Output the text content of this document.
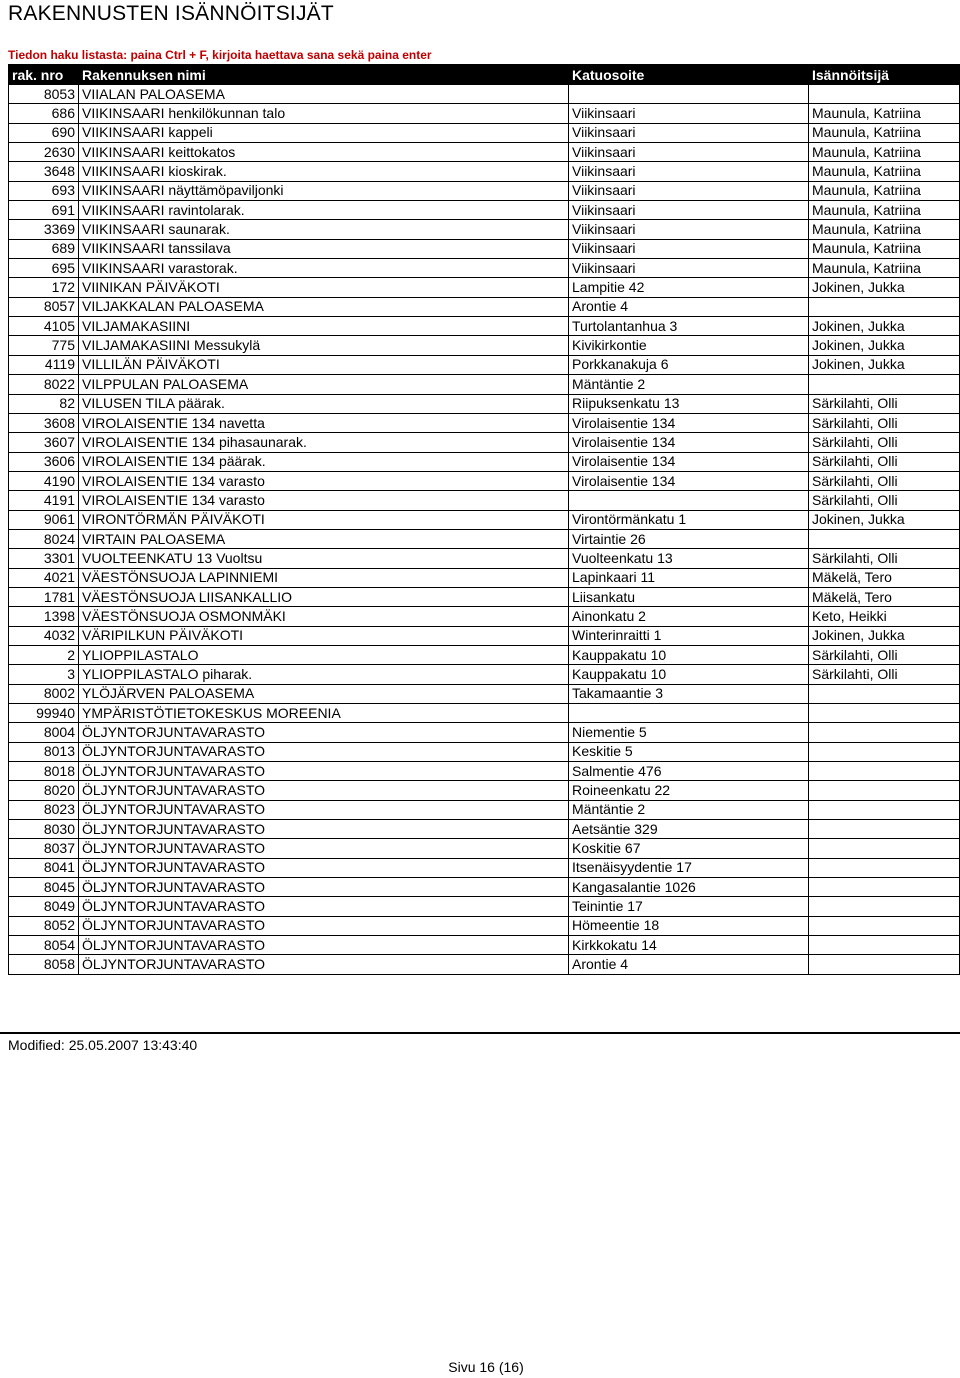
RAKENNUSTEN ISÄNNÖITSIJÄT
Tiedon haku listasta: paina Ctrl + F, kirjoita haettava sana sekä paina enter
rak. nro	Rakennuksen nimi	Katuosoite	Isännöitsijä
8053	VIIALAN PALOASEMA		
686	VIIKINSAARI henkilökunnan talo	Viikinsaari	Maunula, Katriina
690	VIIKINSAARI kappeli	Viikinsaari	Maunula, Katriina
2630	VIIKINSAARI keittokatos	Viikinsaari	Maunula, Katriina
3648	VIIKINSAARI kioskirak.	Viikinsaari	Maunula, Katriina
693	VIIKINSAARI näyttämöpaviljonki	Viikinsaari	Maunula, Katriina
691	VIIKINSAARI ravintolarak.	Viikinsaari	Maunula, Katriina
3369	VIIKINSAARI saunarak.	Viikinsaari	Maunula, Katriina
689	VIIKINSAARI tanssilava	Viikinsaari	Maunula, Katriina
695	VIIKINSAARI varastorak.	Viikinsaari	Maunula, Katriina
172	VIINIKAN PÄIVÄKOTI	Lampitie 42	Jokinen, Jukka
8057	VILJAKKALAN PALOASEMA	Arontie 4	
4105	VILJAMAKASIINI	Turtolantanhua 3	Jokinen, Jukka
775	VILJAMAKASIINI Messukylä	Kivikirkontie	Jokinen, Jukka
4119	VILLILÄN PÄIVÄKOTI	Porkkanakuja 6	Jokinen, Jukka
8022	VILPPULAN PALOASEMA	Mäntäntie 2	
82	VILUSEN TILA päärak.	Riipuksenkatu 13	Särkilahti, Olli
3608	VIROLAISENTIE 134 navetta	Virolaisentie 134	Särkilahti, Olli
3607	VIROLAISENTIE 134 pihasaunarak.	Virolaisentie 134	Särkilahti, Olli
3606	VIROLAISENTIE 134 päärak.	Virolaisentie 134	Särkilahti, Olli
4190	VIROLAISENTIE 134 varasto	Virolaisentie 134	Särkilahti, Olli
4191	VIROLAISENTIE 134 varasto		Särkilahti, Olli
9061	VIRONTÖRMÄN PÄIVÄKOTI	Virontörmänkatu 1	Jokinen, Jukka
8024	VIRTAIN PALOASEMA	Virtaintie 26	
3301	VUOLTEENKATU 13 Vuoltsu	Vuolteenkatu 13	Särkilahti, Olli
4021	VÄESTÖNSUOJA LAPINNIEMI	Lapinkaari 11	Mäkelä, Tero
1781	VÄESTÖNSUOJA LIISANKALLIO	Liisankatu	Mäkelä, Tero
1398	VÄESTÖNSUOJA OSMONMÄKI	Ainonkatu 2	Keto, Heikki
4032	VÄRIPILKUN PÄIVÄKOTI	Winterinraitti 1	Jokinen, Jukka
2	YLIOPPILASTALO	Kauppakatu 10	Särkilahti, Olli
3	YLIOPPILASTALO piharak.	Kauppakatu 10	Särkilahti, Olli
8002	YLÖJÄRVEN PALOASEMA	Takamaantie 3	
99940	YMPÄRISTÖTIETOKESKUS MOREENIA		
8004	ÖLJYNTORJUNTAVARASTO	Niementie 5	
8013	ÖLJYNTORJUNTAVARASTO	Keskitie 5	
8018	ÖLJYNTORJUNTAVARASTO	Salmentie 476	
8020	ÖLJYNTORJUNTAVARASTO	Roineenkatu 22	
8023	ÖLJYNTORJUNTAVARASTO	Mäntäntie 2	
8030	ÖLJYNTORJUNTAVARASTO	Aetsäntie 329	
8037	ÖLJYNTORJUNTAVARASTO	Koskitie 67	
8041	ÖLJYNTORJUNTAVARASTO	Itsenäisyydentie 17	
8045	ÖLJYNTORJUNTAVARASTO	Kangasalantie 1026	
8049	ÖLJYNTORJUNTAVARASTO	Teinintie 17	
8052	ÖLJYNTORJUNTAVARASTO	Hömeentie 18	
8054	ÖLJYNTORJUNTAVARASTO	Kirkkokatu 14	
8058	ÖLJYNTORJUNTAVARASTO	Arontie 4	
Modified: 25.05.2007 13:43:40
Sivu 16 (16)
